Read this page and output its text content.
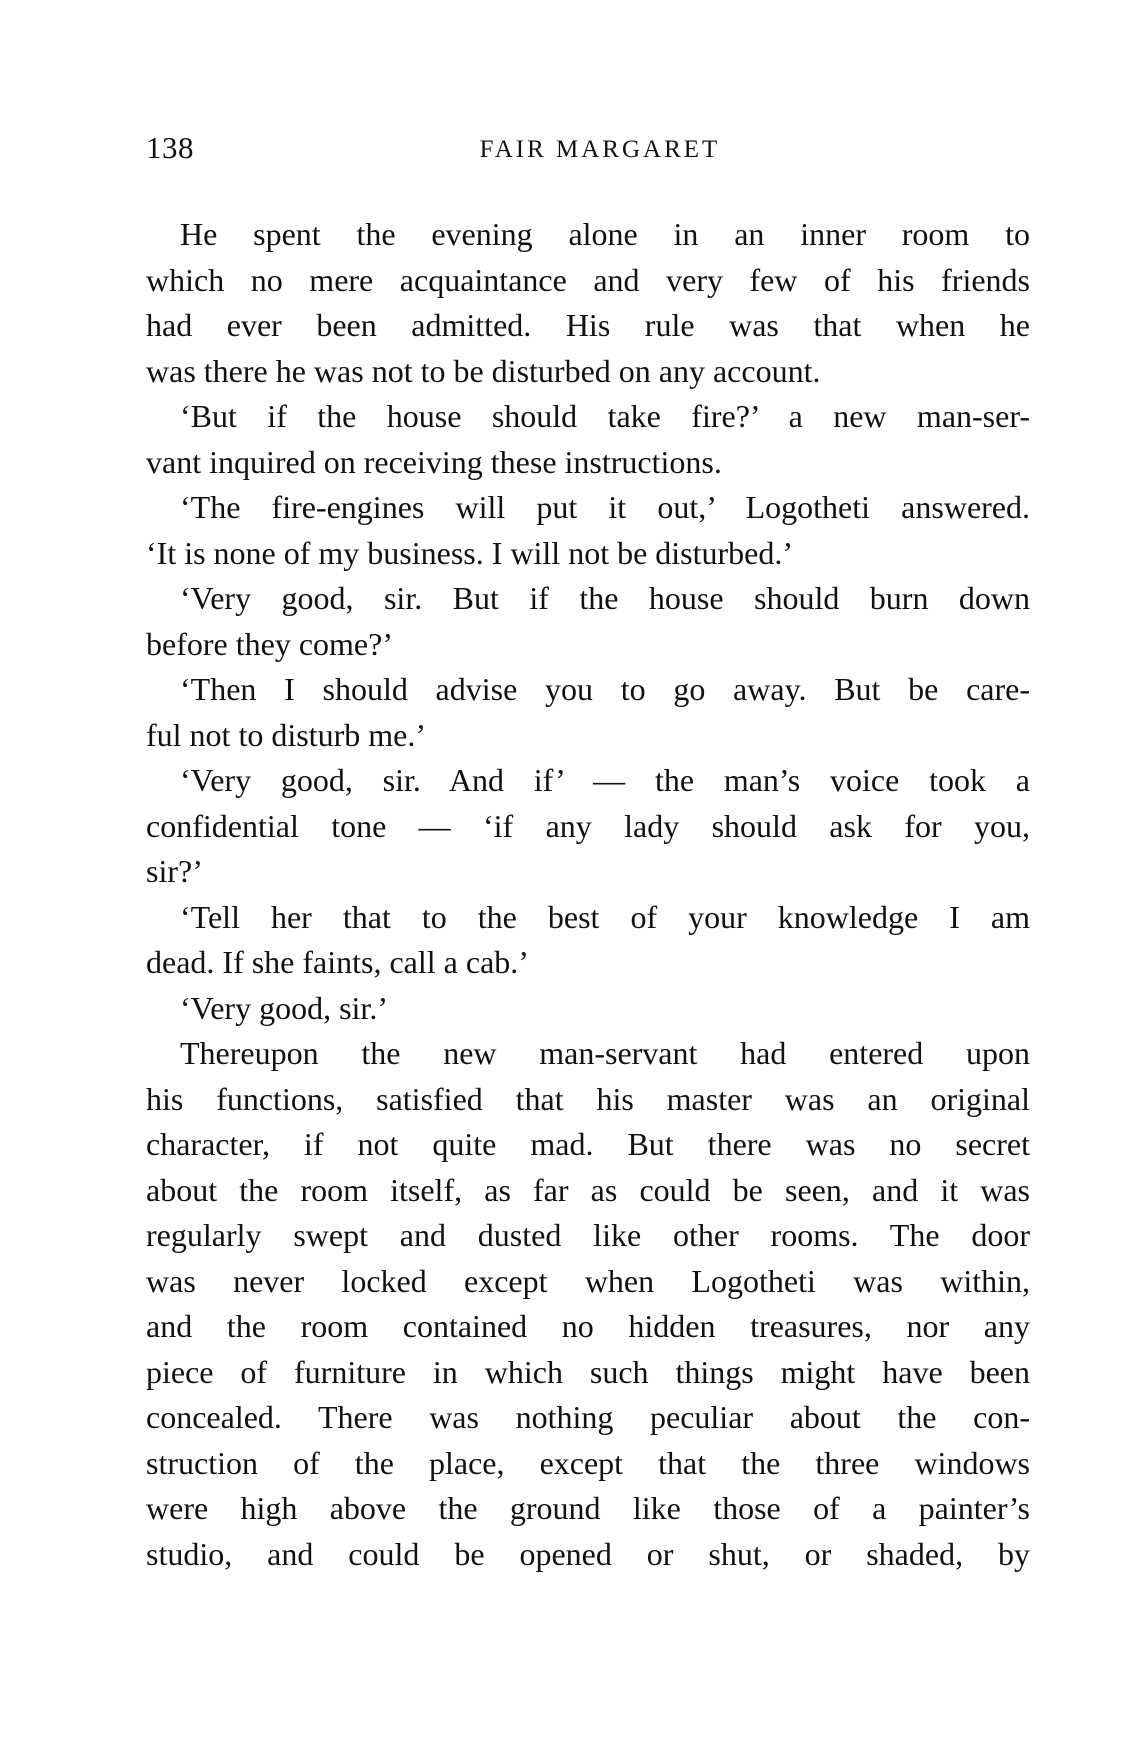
138	FAIR MARGARET
He spent the evening alone in an inner room to
which no mere acquaintance and very few of his friends
had ever been admitted. His rule was that when he
was there he was not to be disturbed on any account.
‘But if the house should take fire?’ a new man-ser-
vant inquired on receiving these instructions.
‘The fire-engines will put it out,’ Logotheti answered.
‘It is none of my business. I will not be disturbed.’
‘Very good, sir. But if the house should burn down
before they come?’
‘Then I should advise you to go away. But be care-
ful not to disturb me.’
‘Very good, sir. And if’ — the man’s voice took a
confidential tone — ‘if any lady should ask for you,
sir?’
‘Tell her that to the best of your knowledge I am
dead. If she faints, call a cab.’
‘Very good, sir.’
Thereupon the new man-servant had entered upon
his functions, satisfied that his master was an original
character, if not quite mad. But there was no secret
about the room itself, as far as could be seen, and it was
regularly swept and dusted like other rooms. The door
was never locked except when Logotheti was within,
and the room contained no hidden treasures, nor any
piece of furniture in which such things might have been
concealed. There was nothing peculiar about the con-
struction of the place, except that the three windows
were high above the ground like those of a painter’s
studio, and could be opened or shut, or shaded, by
